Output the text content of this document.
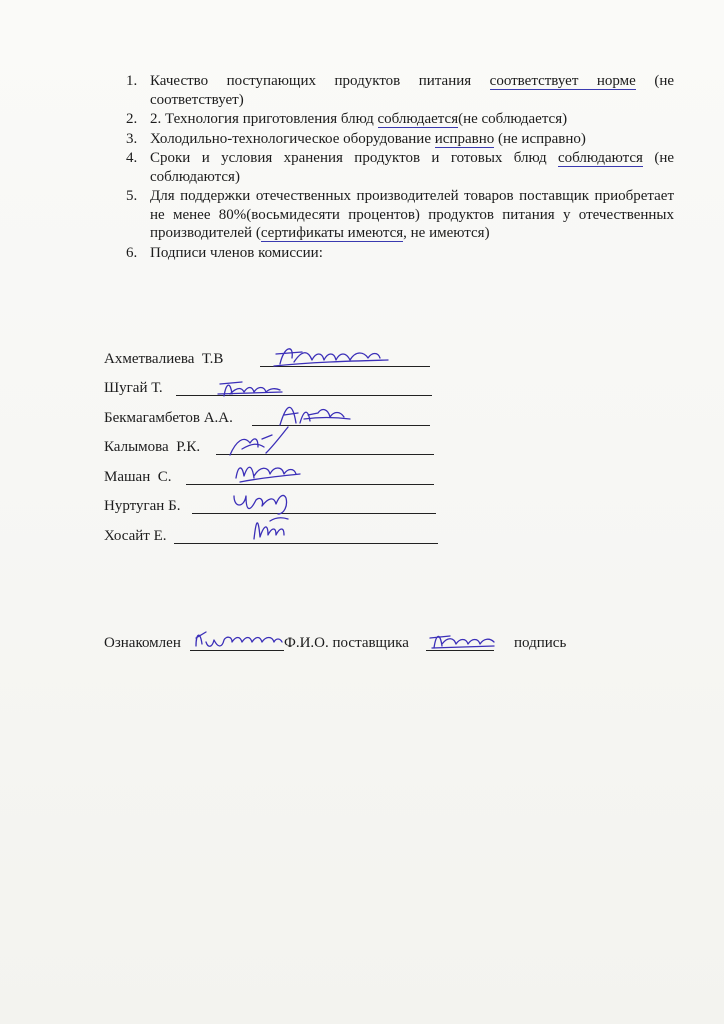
1. Качество поступающих продуктов питания соответствует норме (не соответствует)
2. 2. Технология приготовления блюд соблюдается(не соблюдается)
3. Холодильно-технологическое оборудование исправно (не исправно)
4. Сроки и условия хранения продуктов и готовых блюд соблюдаются (не соблюдаются)
5. Для поддержки отечественных производителей товаров поставщик приобретает не менее 80%(восьмидесяти процентов) продуктов питания у отечественных производителей (сертификаты имеются, не имеются)
6. Подписи членов комиссии:
Ахметвалиева  Т.В
Шугай Т.
Бекмагамбетов А.А.
Калымова  Р.К.
Машан  С.
Нуртуган Б.
Хосайт Е.
Ознакомлен	Ф.И.О. поставщика	подпись
